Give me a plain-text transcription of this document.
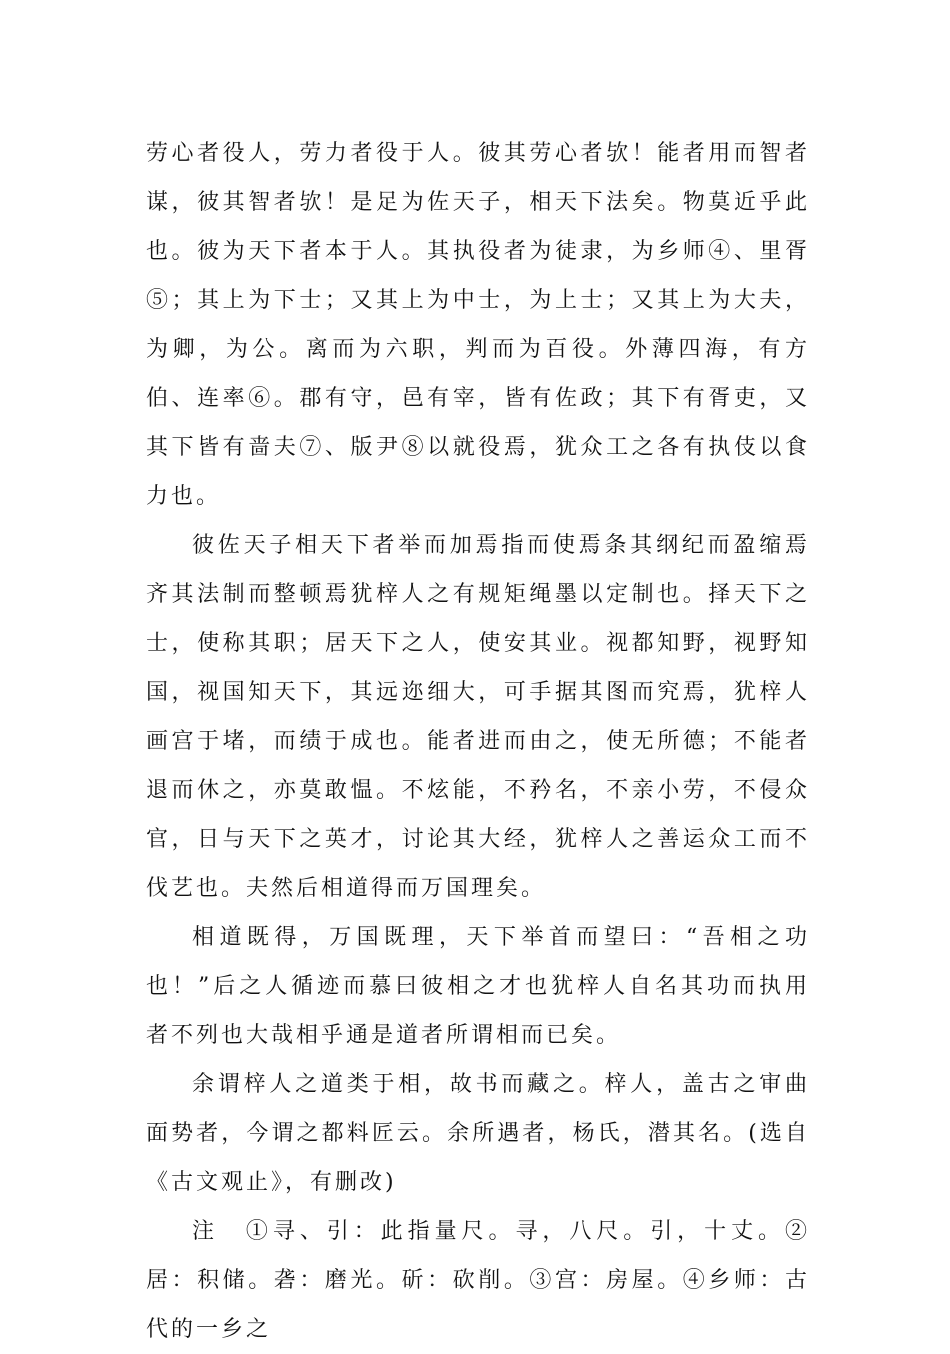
劳心者役人，劳力者役于人。彼其劳心者欤！能者用而智者谋，彼其智者欤！是足为佐天子，相天下法矣。物莫近乎此也。彼为天下者本于人。其执役者为徒隶，为乡师④、里胥⑤；其上为下士；又其上为中士，为上士；又其上为大夫，为卿，为公。离而为六职，判而为百役。外薄四海，有方伯、连率⑥。郡有守，邑有宰，皆有佐政；其下有胥吏，又其下皆有啬夫⑦、版尹⑧以就役焉，犹众工之各有执伎以食力也。

彼佐天子相天下者举而加焉指而使焉条其纲纪而盈缩焉齐其法制而整顿焉犹梓人之有规矩绳墨以定制也。择天下之士，使称其职；居天下之人，使安其业。视都知野，视野知国，视国知天下，其远迩细大，可手据其图而究焉，犹梓人画宫于堵，而绩于成也。能者进而由之，使无所德；不能者退而休之，亦莫敢愠。不炫能，不矜名，不亲小劳，不侵众官，日与天下之英才，讨论其大经，犹梓人之善运众工而不伐艺也。夫然后相道得而万国理矣。

相道既得，万国既理，天下举首而望曰：“吾相之功也！”后之人循迹而慕曰彼相之才也犹梓人自名其功而执用者不列也大哉相乎通是道者所谓相而已矣。

余谓梓人之道类于相，故书而藏之。梓人，盖古之审曲面势者，今谓之都料匠云。余所遇者，杨氏，潜其名。(选自《古文观止》，有删改)

注　①寻、引：此指量尺。寻，八尺。引，十丈。②居：积储。砻：磨光。斫：砍削。③宫：房屋。④乡师：古代的一乡之
